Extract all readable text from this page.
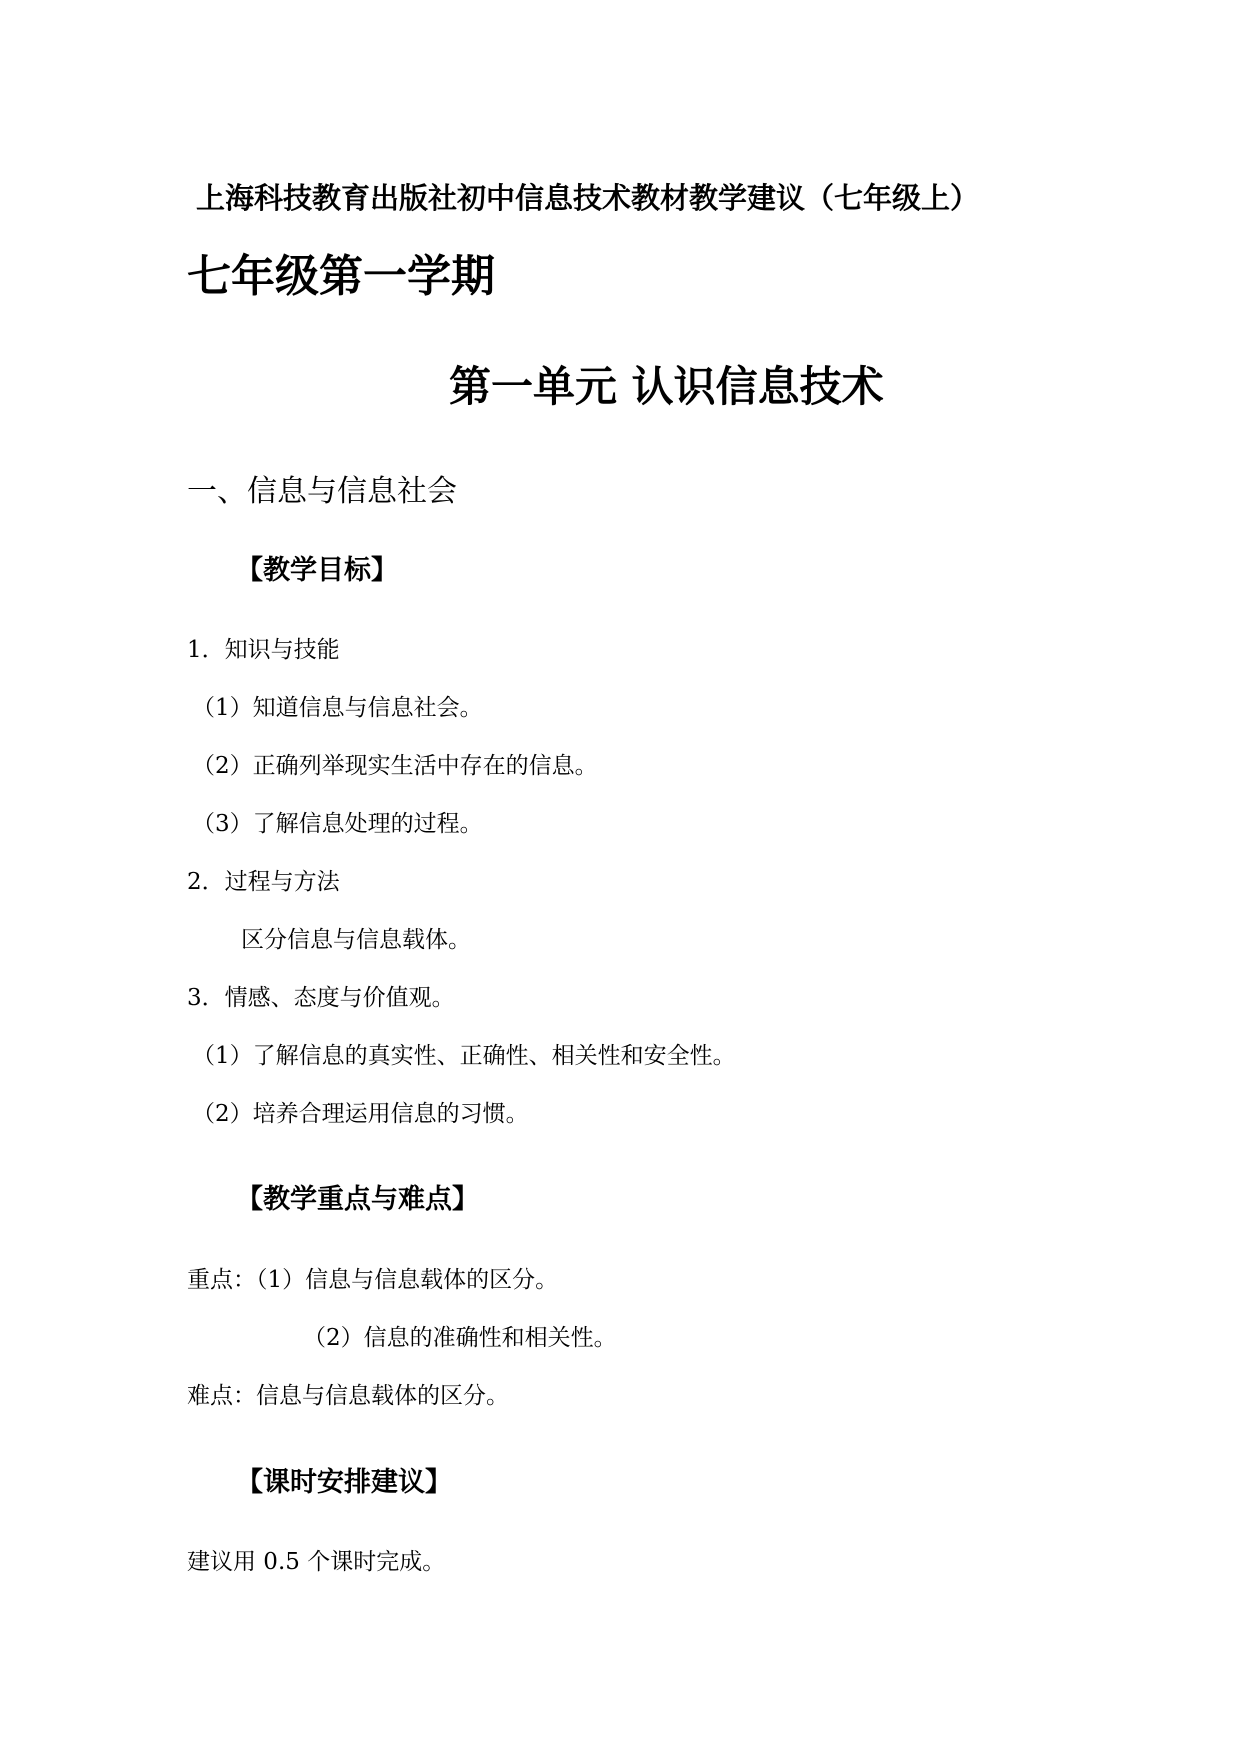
上海科技教育出版社初中信息技术教材教学建议（七年级上）
七年级第一学期
第一单元 认识信息技术
一、信息与信息社会
【教学目标】
1．知识与技能
（1）知道信息与信息社会。
（2）正确列举现实生活中存在的信息。
（3）了解信息处理的过程。
2．过程与方法
区分信息与信息载体。
3．情感、态度与价值观。
（1）了解信息的真实性、正确性、相关性和安全性。
（2）培养合理运用信息的习惯。
【教学重点与难点】
重点：（1）信息与信息载体的区分。
（2）信息的准确性和相关性。
难点：信息与信息载体的区分。
【课时安排建议】
建议用 0.5 个课时完成。
